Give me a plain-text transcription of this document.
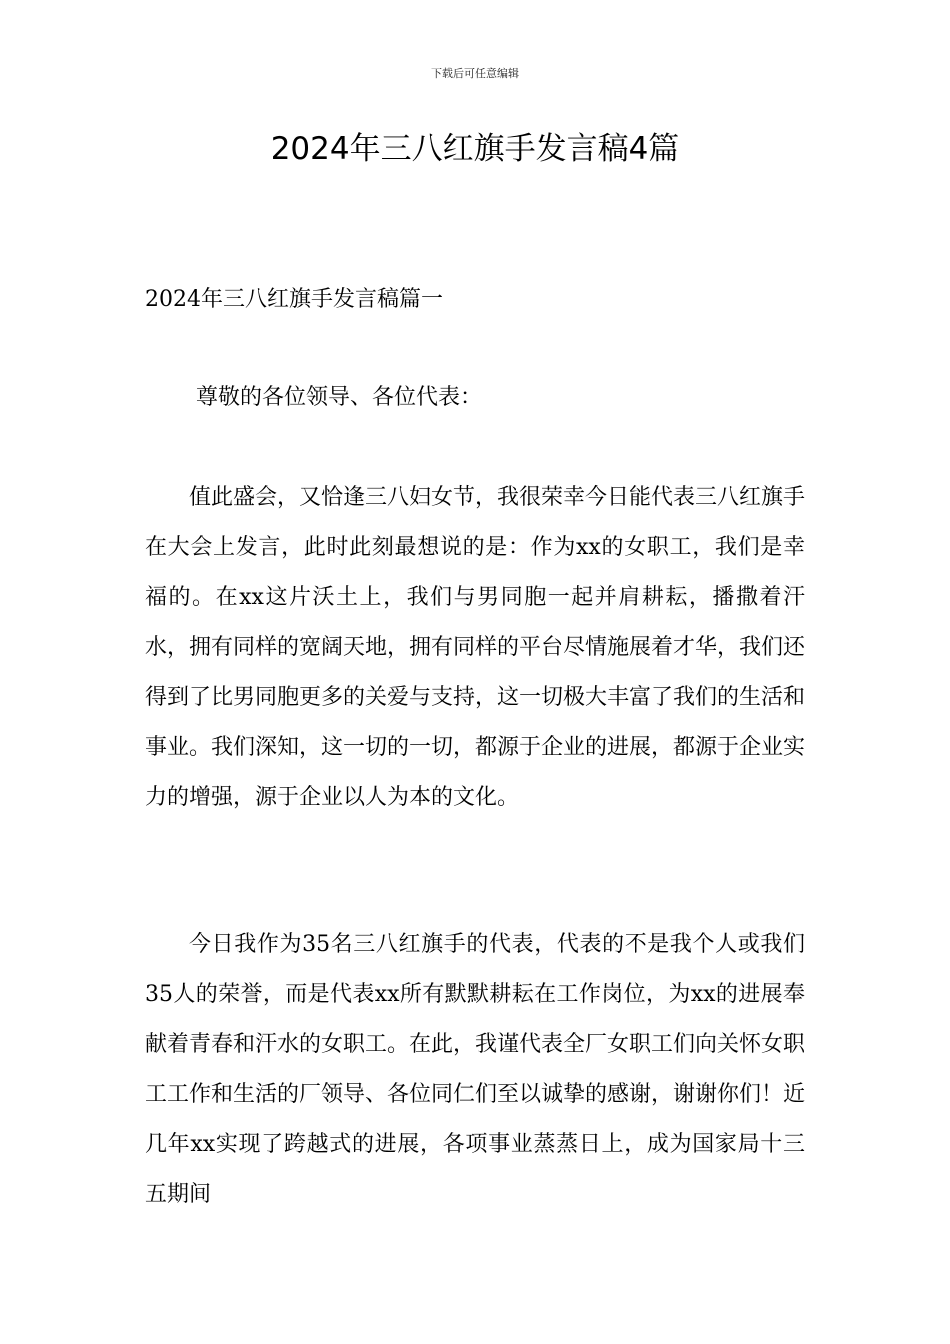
下载后可任意编辑
2024年三八红旗手发言稿4篇
2024年三八红旗手发言稿篇一

尊敬的各位领导、各位代表：

值此盛会，又恰逢三八妇女节，我很荣幸今日能代表三八红旗手在大会上发言，此时此刻最想说的是：作为xx的女职工，我们是幸福的。在xx这片沃土上，我们与男同胞一起并肩耕耘，播撒着汗水，拥有同样的宽阔天地，拥有同样的平台尽情施展着才华，我们还得到了比男同胞更多的关爱与支持，这一切极大丰富了我们的生活和事业。我们深知，这一切的一切，都源于企业的进展，都源于企业实力的增强，源于企业以人为本的文化。

今日我作为35名三八红旗手的代表，代表的不是我个人或我们35人的荣誉，而是代表xx所有默默耕耘在工作岗位，为xx的进展奉献着青春和汗水的女职工。在此，我谨代表全厂女职工们向关怀女职工工作和生活的厂领导、各位同仁们至以诚挚的感谢，谢谢你们！近几年xx实现了跨越式的进展，各项事业蒸蒸日上，成为国家局十三五期间
